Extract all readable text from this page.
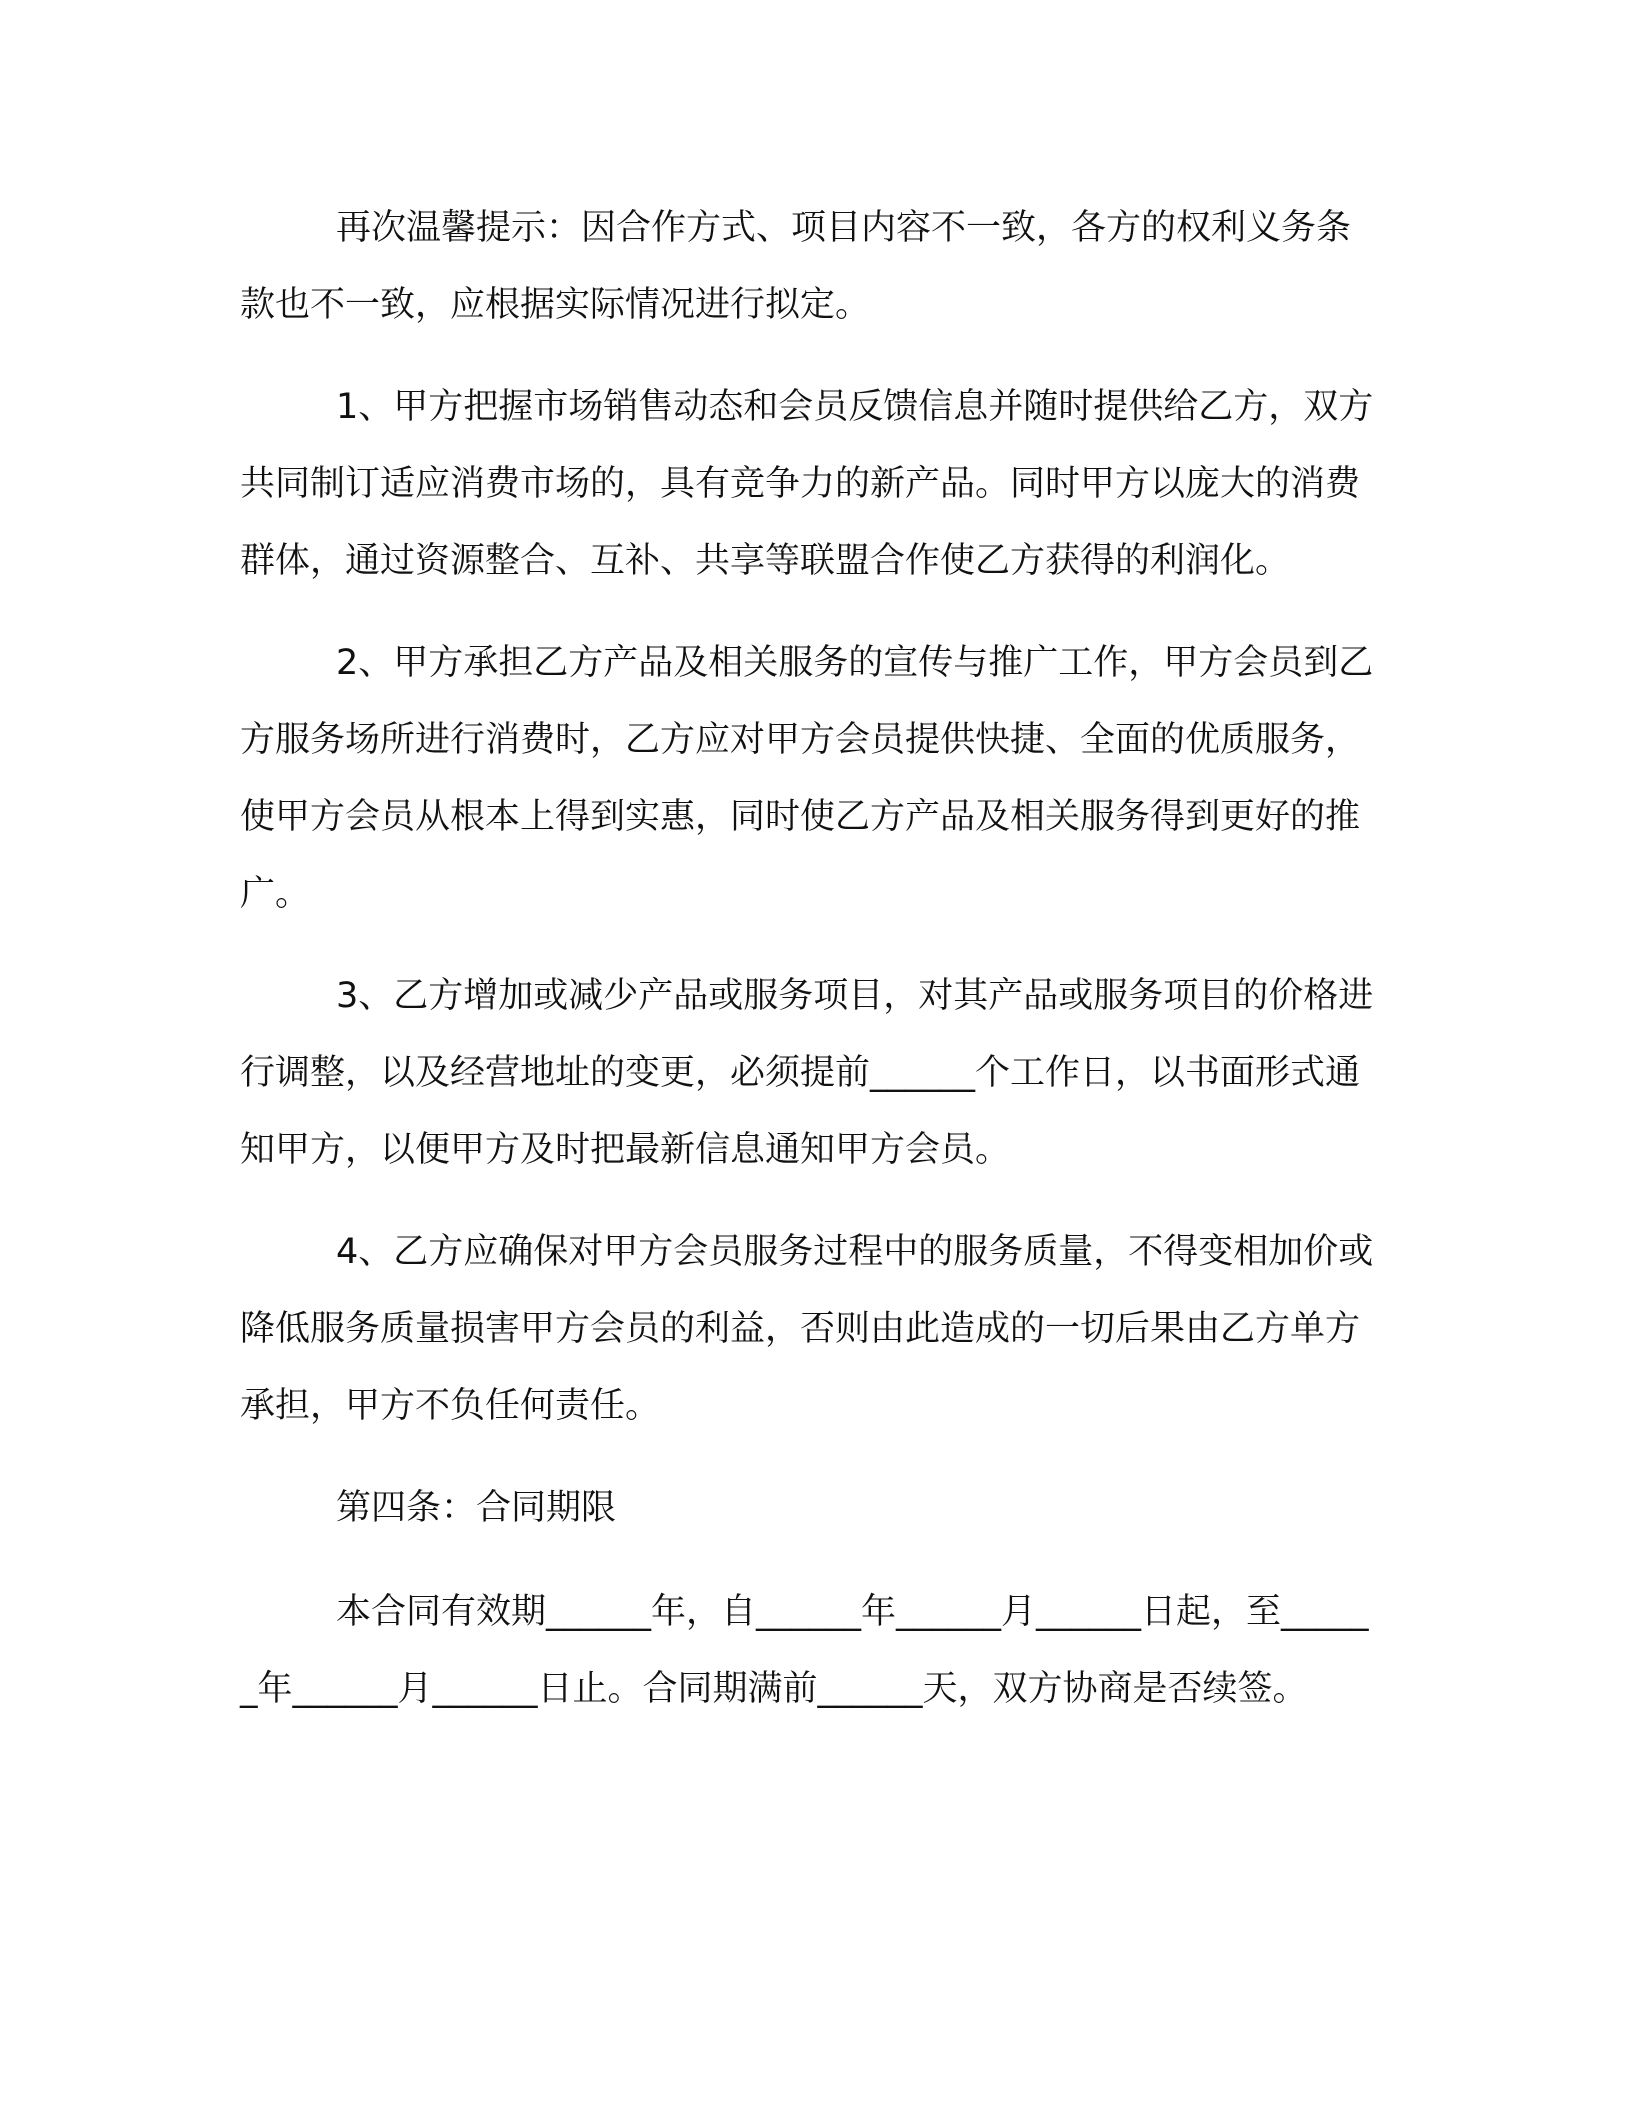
再次温馨提示：因合作方式、项目内容不一致，各方的权利义务条款也不一致，应根据实际情况进行拟定。

1、甲方把握市场销售动态和会员反馈信息并随时提供给乙方，双方共同制订适应消费市场的，具有竞争力的新产品。同时甲方以庞大的消费群体，通过资源整合、互补、共享等联盟合作使乙方获得的利润化。

2、甲方承担乙方产品及相关服务的宣传与推广工作，甲方会员到乙方服务场所进行消费时，乙方应对甲方会员提供快捷、全面的优质服务，使甲方会员从根本上得到实惠，同时使乙方产品及相关服务得到更好的推广。

3、乙方增加或减少产品或服务项目，对其产品或服务项目的价格进行调整，以及经营地址的变更，必须提前______个工作日，以书面形式通知甲方，以便甲方及时把最新信息通知甲方会员。

4、乙方应确保对甲方会员服务过程中的服务质量，不得变相加价或降低服务质量损害甲方会员的利益，否则由此造成的一切后果由乙方单方承担，甲方不负任何责任。

第四条：合同期限

本合同有效期______年，自______年______月______日起，至______年______月______日止。合同期满前______天，双方协商是否续签。
